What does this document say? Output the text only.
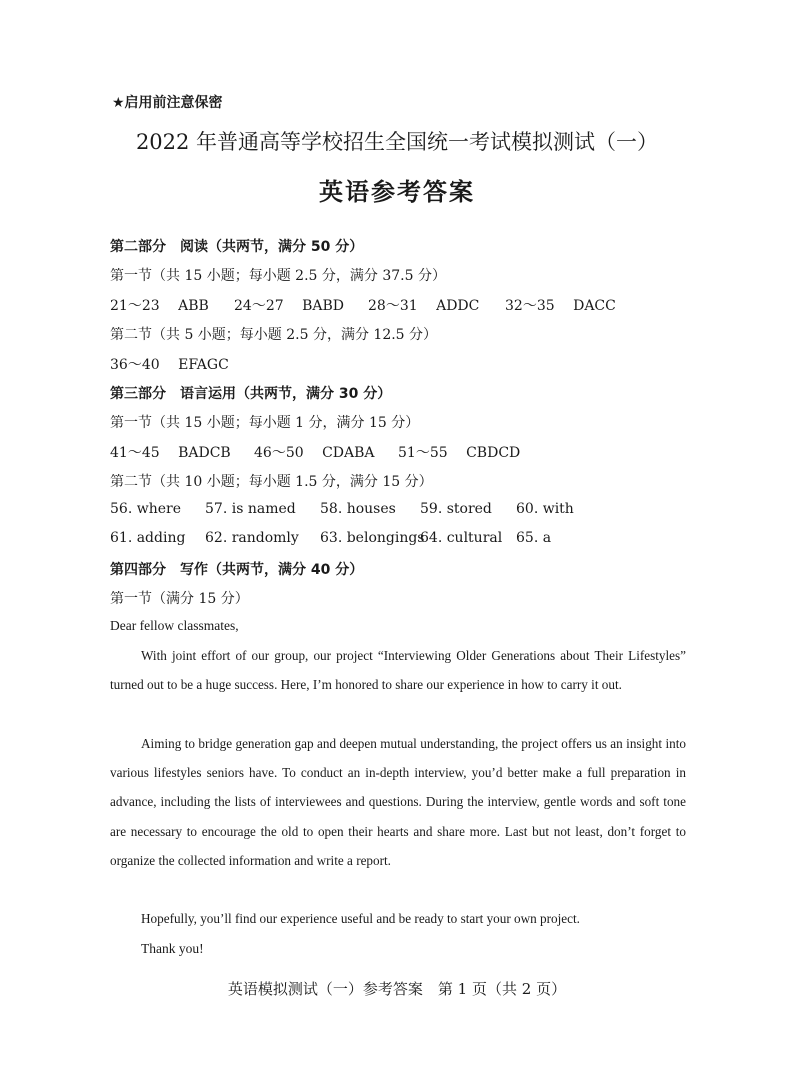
★启用前注意保密
2022 年普通高等学校招生全国统一考试模拟测试（一）
英语参考答案
第二部分　阅读（共两节，满分 50 分）
第一节（共 15 小题；每小题 2.5 分，满分 37.5 分）
21～23 ABB 24～27 BABD 28～31 ADDC 32～35 DACC
第二节（共 5 小题；每小题 2.5 分，满分 12.5 分）
36～40 EFAGC
第三部分　语言运用（共两节，满分 30 分）
第一节（共 15 小题；每小题 1 分，满分 15 分）
41～45 BADCB 46～50 CDABA 51～55 CBDCD
第二节（共 10 小题；每小题 1.5 分，满分 15 分）
56. where 57. is named 58. houses 59. stored 60. with
61. adding 62. randomly 63. belongings
64. cultural 65. a
第四部分　写作（共两节，满分 40 分）
第一节（满分 15 分）
Dear fellow classmates,
With joint effort of our group, our project “Interviewing Older Generations about Their Lifestyles” turned out to be a huge success. Here, I’m honored to share our experience in how to carry it out.
Aiming to bridge generation gap and deepen mutual understanding, the project offers us an insight into various lifestyles seniors have. To conduct an in-depth interview, you’d better make a full preparation in advance, including the lists of interviewees and questions. During the interview, gentle words and soft tone are necessary to encourage the old to open their hearts and share more. Last but not least, don’t forget to organize the collected information and write a report.
Hopefully, you’ll find our experience useful and be ready to start your own project.
Thank you!
英语模拟测试（一）参考答案　第 1 页（共 2 页）
